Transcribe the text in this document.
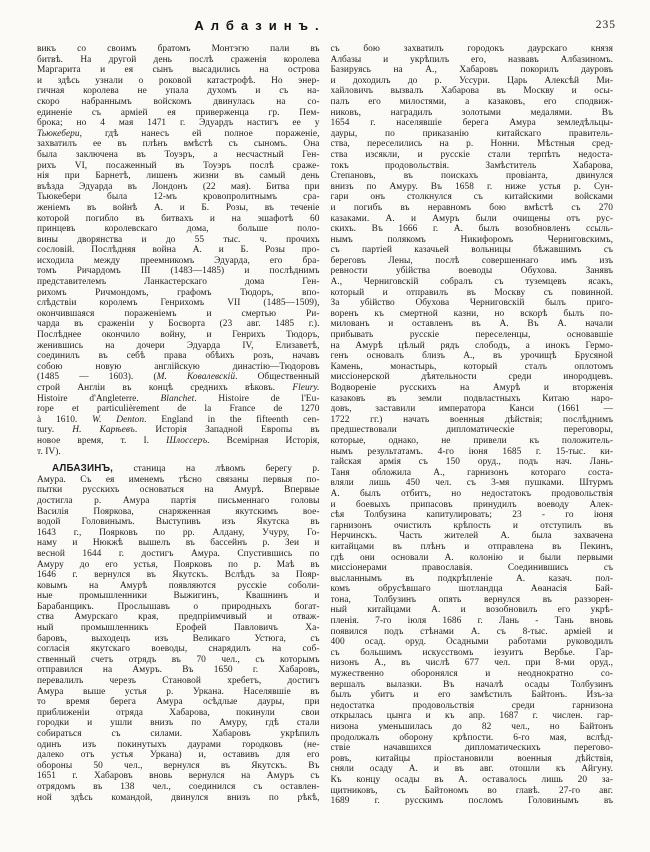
Албазинъ.	235
викъ со своимъ братомъ Монтэгю пали въ
битвѣ. На другой день послѣ сраженія королева
Маргарита и ея сынъ высадились на острова
и здѣсь узнали о роковой катастрофѣ. Но энер-
гичная королева не упала духомъ и съ на-
скоро набраннымъ войскомъ двинулась на со-
единеніе съ арміей ея приверженца гр. Пем-
брока; но 4 мая 1471 г. Эдуардъ настигъ ее у
Тьюкебери, гдѣ нанесъ ей полное пораженіе,
захватилъ ее въ плѣнъ вмѣстѣ съ сыномъ. Она
была заключена въ Тоуэръ, а несчастный Ген-
рихъ VI, посаженный въ Тоуэръ послѣ сраже-
нія при Барнетѣ, лишенъ жизни въ самый день
въѣзда Эдуарда въ Лондонъ (22 мая). Битва при
Тьюкебери была 12-мъ кровопролитнымъ сра-
женіемъ въ войнѣ А. и Б. Розы, въ теченіе
которой погибло въ битвахъ и на эшафотѣ 60
принцевъ королевскаго дома, больше поло-
вины дворянства и до 55 тыс. ч. прочихъ
сословій. Послѣдняя война А. и Б. Розы про-
исходила между преемникомъ Эдуарда, его бра-
томъ Ричардомъ III (1483—1485) и послѣднимъ
представителемъ Ланкастерскаго дома Ген-
рихомъ Ричмондомъ, графомъ Тюдоръ, впо-
слѣдствіи королемъ Генрихомъ VII (1485—1509),
окончившаяся пораженіемъ и смертью Ри-
чарда въ сраженіи у Босворта (23 авг. 1485 г.).
Послѣднее окончило войну, и Генрихъ Тюдоръ,
женившись на дочери Эдуарда IV, Елизаветѣ,
соединилъ въ себѣ права обѣихъ розъ, начавъ
собою новую англійскую династію—Тюдоровъ
(1485 — 1603). (М. Ковалевскій. Общественный
строй Англіи въ концѣ среднихъ вѣковъ. Fleury.
Histoire d'Angleterre. Blanchet. Histoire de l'Eu-
rope et particulièrement de la France de 1270
à 1610. W. Denton. England in the fifteenth cen-
tury. Н. Карѣевъ. Исторія Западной Европы въ
новое время, т. I. Шлоссеръ. Всемірная Исторія,
т. IV).
АЛБАЗИНЪ, станица на лѣвомъ берегу р.
Амура. Съ ея именемъ тѣсно связаны первыя по-
пытки русскихъ основаться на Амурѣ. Впервые
достигла р. Амура партія письменнаго головы
Василія Пояркова, снаряженная якутскимъ вое-
водой Головинымъ. Выступивъ изъ Якутска въ
1643 г., Поярковъ по рр. Алдану, Учуру, Го-
наму и Нюкжѣ вышелъ въ бассейнъ р. Зеи и
весной 1644 г. достигъ Амура. Спустившись по
Амуру до его устья, Поярковъ по р. Маѣ въ
1646 г. вернулся въ Якутскъ. Вслѣдъ за Пояр-
ковымъ на Амурѣ появляются русскіе соболи-
ные промышленники Выжигинъ, Квашнинъ и
Барабанщикъ. Прослышавъ о природныхъ богат-
ства Амурскаго края, предпріимчивый и отваж-
ный промышленникъ Ерофей Павловичъ Ха-
баровъ, выходецъ изъ Великаго Устюга, съ
согласія якутскаго воеводы, снарядилъ на соб-
ственный счетъ отрядъ въ 70 чел., съ которымъ
отправился на Амуръ. Въ 1650 г. Хабаровъ,
перевалилъ черезъ Становой хребетъ, достигъ
Амура выше устья р. Уркана. Населявшіе въ
то время берега Амура осѣдлые дауры, при
приближеніи отряда Хабарова, покинули свои
городки и ушли внизъ по Амуру, гдѣ стали
собираться съ силами. Хабаровъ укрѣпилъ
одинъ изъ покинутыхъ даурами городковъ (не-
далеко отъ устья Уркана) и, оставивъ для его
обороны 50 чел., вернулся въ Якутскъ. Въ
1651 г. Хабаровъ вновь вернулся на Амуръ съ
отрядомъ въ 138 чел., соединился съ оставлен-
ной здѣсь командой, двинулся внизъ по рѣкѣ,
съ бою захватилъ городокъ даурскаго князя
Албазы и укрѣпилъ его, назвавъ Албазиномъ.
Базируясь на А., Хабаровъ покорилъ дауровъ
и доходилъ до р. Уссури. Царь Алексѣй Ми-
хайловичъ вызвалъ Хабарова въ Москву и осы-
палъ его милостями, а казаковъ, его сподвиж-
никовъ, наградилъ золотыми медалями. Въ
1654 г. населявшіе берега Амура земледѣльцы-
дауры, по приказанію китайскаго правитель-
ства, переселились на р. Нонни. Мѣстныя сред-
ства изсякли, и русскіе стали терпѣть недоста-
токъ продовольствія. Замѣститель Хабарова,
Степановъ, въ поискахъ провіанта, двинулся
внизъ по Амуру. Въ 1658 г. ниже устья р. Сун-
гари онъ столкнулся съ китайскими войсками
и погибъ въ неравномъ бою вмѣстѣ съ 270
казаками. А. и Амуръ были очищены отъ рус-
скихъ. Въ 1666 г. А. былъ возобновленъ ссыль-
нымъ полякомъ Никифоромъ Черниговскимъ,
съ партіей казачьей вольницы бѣжавшимъ съ
береговъ Лены, послѣ совершеннаго имъ изъ
ревности убійства воеводы Обухова. Занявъ
А., Черниговскій собралъ съ туземцевъ ясакъ,
который и отправилъ въ Москву съ повинной.
За убійство Обухова Черниговскій былъ приго-
воренъ къ смертной казни, но вскорѣ былъ по-
милованъ и оставленъ въ А. Въ А. начали
прибывать русскіе переселенцы, основавшіе
на Амурѣ цѣлый рядъ слободъ, а инокъ Гермо-
генъ основалъ близъ А., въ урочищѣ Брусяной
Камень, монастырь, который сталъ оплотомъ
миссіонерской дѣятельности среди инородцевъ.
Водвореніе русскихъ на Амурѣ и вторженія
казаковъ въ земли подвластныхъ Китаю наро-
довъ, заставили императора Канси (1661 —
1722 гг.) начать военныя дѣйствія; послѣднимъ
предшествовали дипломатическіе переговоры,
которые, однако, не привели къ положитель-
нымъ результатамъ. 4-го іюня 1685 г. 15-тыс. ки-
тайская армія съ 150 оруд., подъ нач. Лань-
Таня обложила А., гарнизонъ котораго соста-
вляли лишь 450 чел. съ 3-мя пушками. Штурмъ
А. былъ отбитъ, но недостатокъ продовольствія
и боевыхъ припасовъ принудилъ воеводу Алек-
сѣя Толбузина капитулировать; 23 - го іюня
гарнизонъ очистилъ крѣпость и отступилъ въ
Нерчинскъ. Часть жителей А. была захвачена
китайцами въ плѣнъ и отправлена въ Пекинъ,
гдѣ они основали А. колонію и были первыми
миссіонерами православія. Соединившись съ
высланнымъ въ подкрѣпленіе А. казач. пол-
комъ обрусѣвшаго шотландца Аѳанасія Бай-
тона, Толбузинъ опять вернулся въ раззорен-
ный китайцами А. и возобновилъ его укрѣ-
пленія. 7-го іюля 1686 г. Лань - Тань вновь
появился подъ стѣнами А. съ 8-тыс. арміей и
400 осад. оруд. Осадными работами руководилъ
съ большимъ искусствомъ іезуитъ Вербье. Гар-
низонъ А., въ числѣ 677 чел. при 8-ми оруд.,
мужественно оборонялся и неоднократно со-
вершалъ вылазки. Въ началѣ осады Толбузинъ
былъ убитъ и его замѣстилъ Байтонъ. Изъ-за
недостатка продовольствія среди гарнизона
открылась цынга и къ апр. 1687 г. числен. гар-
низона уменьшилась до 82 чел., но Байтонъ
продолжалъ оборону крѣпости. 6-го мая, вслѣд-
ствіе начавшихся дипломатическихъ перегово-
ровъ, китайцы пріостановили военныя дѣйствія,
сняли осаду А. и въ авг. отошли къ Айгуну.
Къ концу осады въ А. оставалось лишь 20 за-
щитниковъ, съ Байтономъ во главѣ. 27-го авг.
1689 г. русскимъ посломъ Головинымъ въ
